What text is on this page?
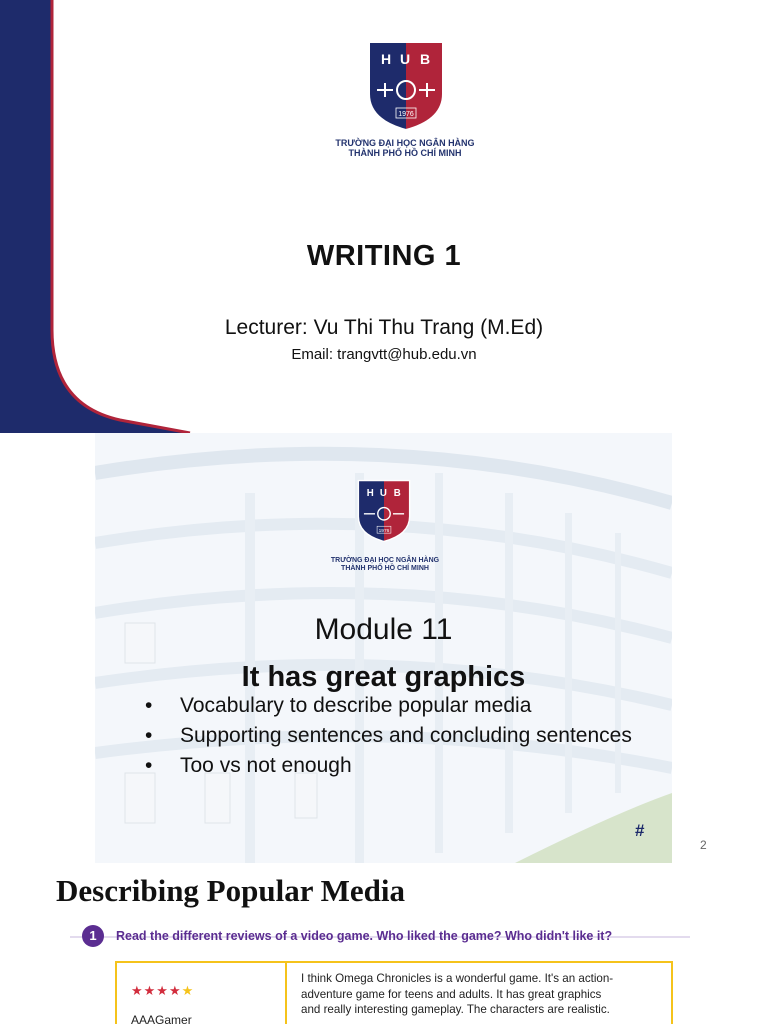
H U B
1976
TRƯỜNG ĐẠI HỌC NGÂN HÀNG
THÀNH PHỐ HỒ CHÍ MINH
WRITING 1
Lecturer: Vu Thi Thu Trang (M.Ed)
Email: trangvtt@hub.edu.vn
H U B
1976
TRƯỜNG ĐẠI HỌC NGÂN HÀNG
THÀNH PHỐ HỒ CHÍ MINH
Module 11
It has great graphics
• Vocabulary to describe popular media
• Supporting sentences and concluding sentences
• Too vs not enough
#
2
Describing Popular Media
1	Read the different reviews of a video game. Who liked the game? Who didn't like it?
★★★★★
AAAGamer
I think Omega Chronicles is a wonderful game. It's an action-
adventure game for teens and adults. It has great graphics
and really interesting gameplay. The characters are realistic.
